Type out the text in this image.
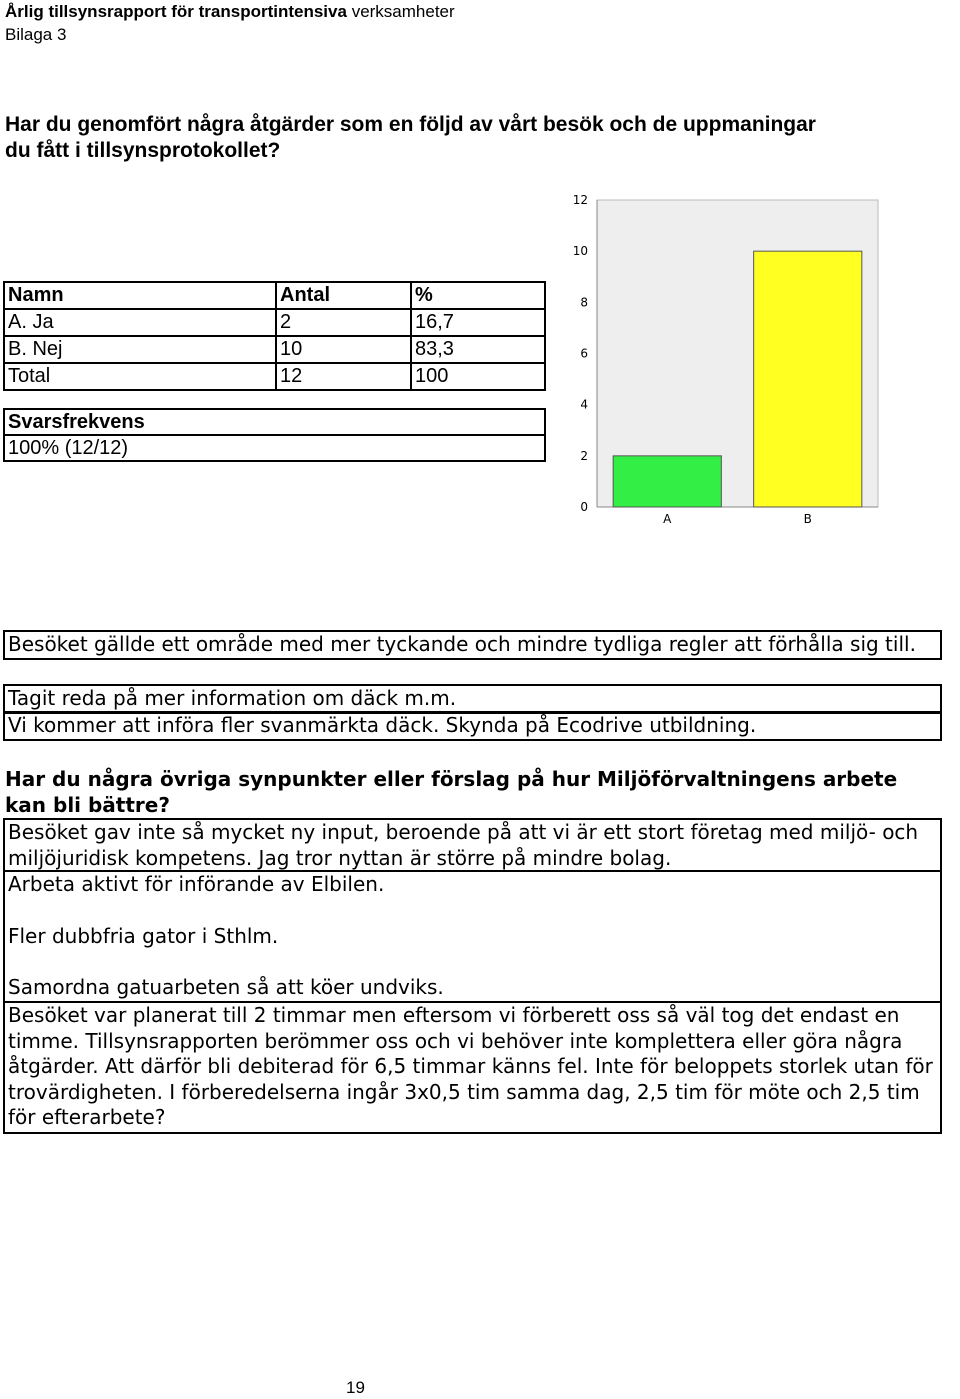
Årlig tillsynsrapport för transportintensiva verksamheter
Bilaga 3
Har du genomfört några åtgärder som en följd av vårt besök och de uppmaningar du fått i tillsynsprotokollet?
Namn	Antal	%
A. Ja	2	16,7
B. Nej	10	83,3
Total	12	100
Svarsfrekvens
100% (12/12)
0
2
4
6
8
10
12
A	B
Besöket gällde ett område med mer tyckande och mindre tydliga regler att förhålla sig till.
Tagit reda på mer information om däck m.m.
Vi kommer att införa fler svanmärkta däck. Skynda på Ecodrive utbildning.
Har du några övriga synpunkter eller förslag på hur Miljöförvaltningens arbete kan bli bättre?
Besöket gav inte så mycket ny input, beroende på att vi är ett stort företag med miljö- och miljöjuridisk kompetens. Jag tror nyttan är större på mindre bolag.
Arbeta aktivt för införande av Elbilen.
Fler dubbfria gator i Sthlm.
Samordna gatuarbeten så att köer undviks.
Besöket var planerat till 2 timmar men eftersom vi förberett oss så väl tog det endast en timme. Tillsynsrapporten berömmer oss och vi behöver inte komplettera eller göra några åtgärder. Att därför bli debiterad för 6,5 timmar känns fel. Inte för beloppets storlek utan för trovärdigheten. I förberedelserna ingår 3x0,5 tim samma dag, 2,5 tim för möte och 2,5 tim för efterarbete?
19
